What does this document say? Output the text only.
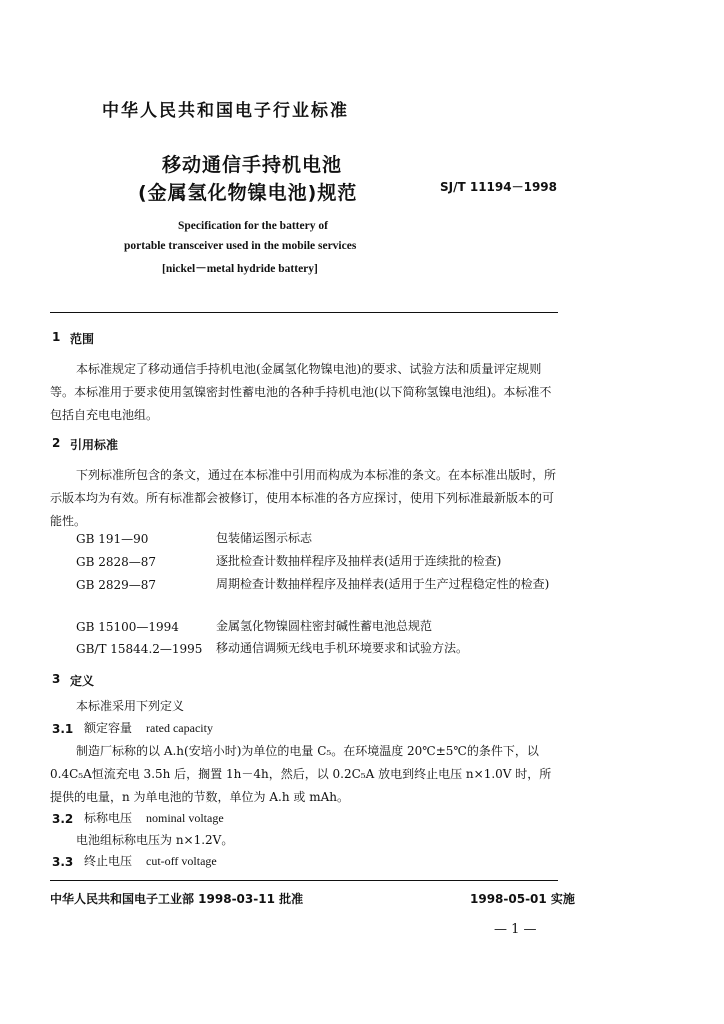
中华人民共和国电子行业标准
移动通信手持机电池
(金属氢化物镍电池)规范	SJ/T 11194－1998
Specification for the battery of
portable transceiver used in the mobile services
[nickel－metal hydride battery]
1 范围
本标准规定了移动通信手持机电池(金属氢化物镍电池)的要求、试验方法和质量评定规则等。本标准用于要求使用氢镍密封性蓄电池的各种手持机电池(以下简称氢镍电池组)。本标准不包括自充电电池组。
2 引用标准
下列标准所包含的条文，通过在本标准中引用而构成为本标准的条文。在本标准出版时，所示版本均为有效。所有标准都会被修订，使用本标准的各方应探讨，使用下列标准最新版本的可能性。
GB 191—90	包装储运图示标志
GB 2828—87	逐批检查计数抽样程序及抽样表(适用于连续批的检查)
GB 2829—87	周期检查计数抽样程序及抽样表(适用于生产过程稳定性的检查)
GB 15100—1994	金属氢化物镍圆柱密封碱性蓄电池总规范
GB/T 15844.2—1995 移动通信调频无线电手机环境要求和试验方法。
3 定义
本标准采用下列定义
3.1 额定容量 rated capacity
制造厂标称的以 A.h(安培小时)为单位的电量 C₅。在环境温度 20℃±5℃的条件下，以 0.4C₅A恒流充电 3.5h 后，搁置 1h－4h，然后，以 0.2C₅A 放电到终止电压 n×1.0V 时，所提供的电量，n 为单电池的节数，单位为 A.h 或 mAh。
3.2 标称电压 nominal voltage
电池组标称电压为 n×1.2V。
3.3 终止电压 cut-off voltage
中华人民共和国电子工业部 1998-03-11 批准	1998-05-01 实施
— 1 —
